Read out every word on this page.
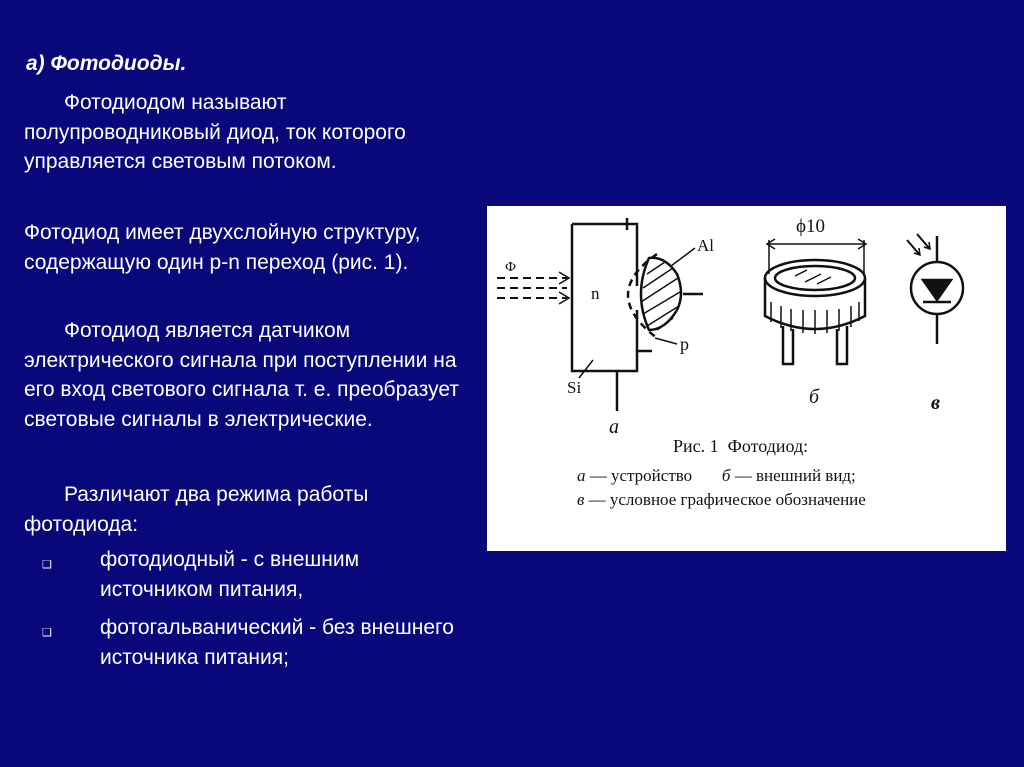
а) Фотодиоды.

Фотодиодом называют полупроводниковый диод, ток которого управляется световым потоком.

Фотодиод имеет двухслойную структуру, содержащую один p-n переход (рис. 1).

Фотодиод является датчиком электрического сигнала при поступлении на его вход светового сигнала т. е. преобразует световые сигналы в электрические.

Различают два режима работы фотодиода:

❑ фотодиодный - с внешним источником питания,

❑ фотогальванический - без внешнего источника питания;

Ф
Al
n
p
Si
а
ϕ10
б	в
Рис. 1 Фотодиод:
а — устройство б — внешний вид;
в — условное графическое обозначение
